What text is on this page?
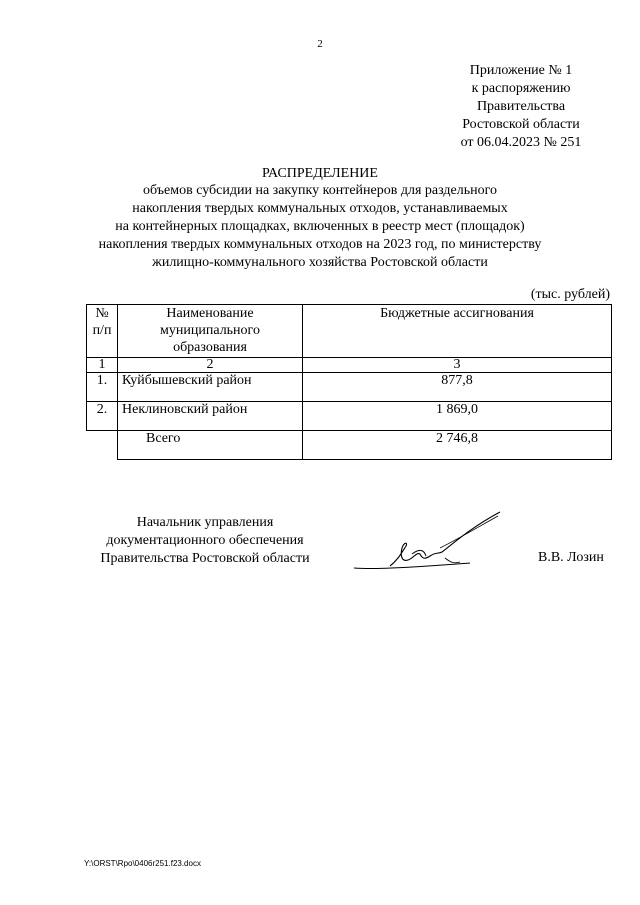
2
Приложение № 1
к распоряжению
Правительства
Ростовской области
от 06.04.2023 № 251
РАСПРЕДЕЛЕНИЕ
объемов субсидии на закупку контейнеров для раздельного
накопления твердых коммунальных отходов, устанавливаемых
на контейнерных площадках, включенных в реестр мест (площадок)
накопления твердых коммунальных отходов на 2023 год, по министерству
жилищно-коммунального хозяйства Ростовской области
(тыс. рублей)
№ п/п	Наименование муниципального образования	Бюджетные ассигнования
1	2	3
1.	Куйбышевский район	877,8
2.	Неклиновский район	1 869,0
	Всего	2 746,8
Начальник управления
документационного обеспечения
Правительства Ростовской области	В.В. Лозин
Y:\ORST\Rpo\0406r251.f23.docx
